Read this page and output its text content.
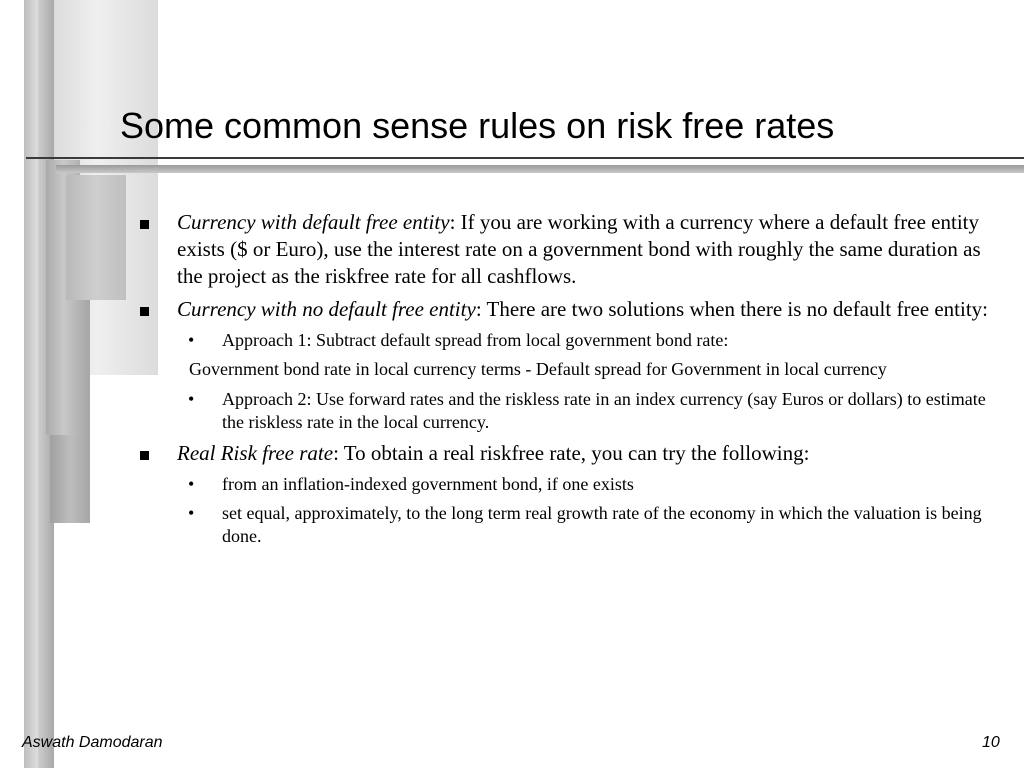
Some common sense rules on risk free rates
Currency with default free entity: If you are working with a currency where a default free entity exists ($ or Euro), use the interest rate on a government bond with roughly the same duration as the project as the riskfree rate for all cashflows.
Currency with no default free entity: There are two solutions when there is no default free entity:
• Approach 1: Subtract default spread from local government bond rate:
Government bond rate in local currency terms - Default spread for Government in local currency
• Approach 2: Use forward rates and the riskless rate in an index currency (say Euros or dollars) to estimate the riskless rate in the local currency.
Real Risk free rate: To obtain a real riskfree rate, you can try the following:
• from an inflation-indexed government bond, if one exists
• set equal, approximately, to the long term real growth rate of the economy in which the valuation is being done.
Aswath Damodaran	10
